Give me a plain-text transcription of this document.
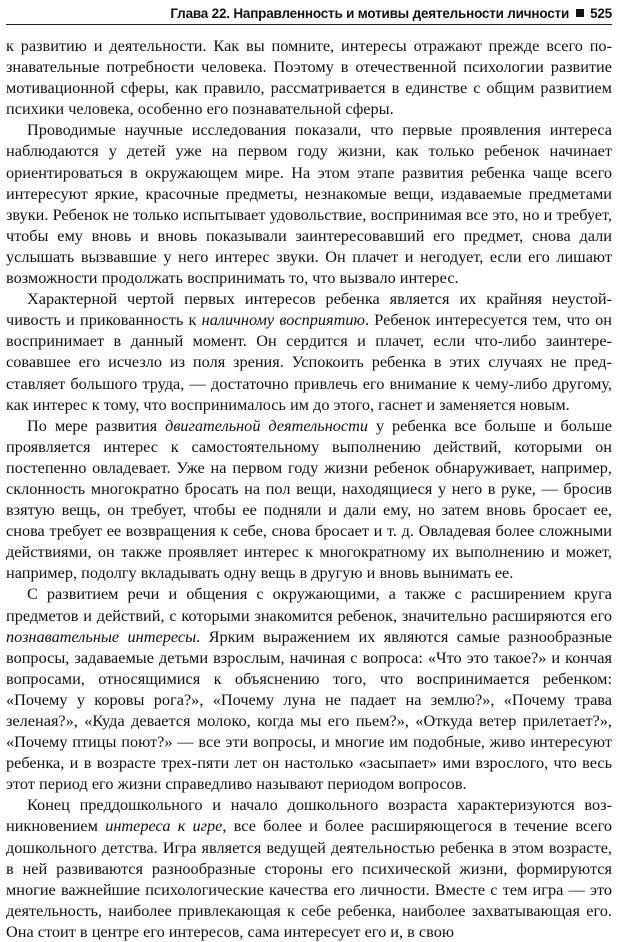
Глава 22. Направленность и мотивы деятельности личности 525

к развитию и деятельности. Как вы помните, интересы отражают прежде всего познавательные потребности человека. Поэтому в отечественной психологии развитие мотивационной сферы, как правило, рассматривается в единстве с общим развитием психики человека, особенно его познавательной сферы.

Проводимые научные исследования показали, что первые проявления интереса наблюдаются у детей уже на первом году жизни, как только ребенок начинает ориентироваться в окружающем мире. На этом этапе развития ребенка чаще всего интересуют яркие, красочные предметы, незнакомые вещи, издаваемые предметами звуки. Ребенок не только испытывает удовольствие, воспринимая все это, но и требует, чтобы ему вновь и вновь показывали заинтересовавший его предмет, снова дали услышать вызвавшие у него интерес звуки. Он плачет и негодует, если его лишают возможности продолжать воспринимать то, что вызвало интерес.

Характерной чертой первых интересов ребенка является их крайняя неустойчивость и прикованность к наличному восприятию. Ребенок интересуется тем, что он воспринимает в данный момент. Он сердится и плачет, если что-либо заинтересовавшее его исчезло из поля зрения. Успокоить ребенка в этих случаях не представляет большого труда, — достаточно привлечь его внимание к чему-либо другому, как интерес к тому, что воспринималось им до этого, гаснет и заменяется новым.

По мере развития двигательной деятельности у ребенка все больше и больше проявляется интерес к самостоятельному выполнению действий, которыми он постепенно овладевает. Уже на первом году жизни ребенок обнаруживает, например, склонность многократно бросать на пол вещи, находящиеся у него в руке, — бросив взятую вещь, он требует, чтобы ее подняли и дали ему, но затем вновь бросает ее, снова требует ее возвращения к себе, снова бросает и т. д. Овладевая более сложными действиями, он также проявляет интерес к многократному их выполнению и может, например, подолгу вкладывать одну вещь в другую и вновь вынимать ее.

С развитием речи и общения с окружающими, а также с расширением круга предметов и действий, с которыми знакомится ребенок, значительно расширяются его познавательные интересы. Ярким выражением их являются самые разнообразные вопросы, задаваемые детьми взрослым, начиная с вопроса: «Что это такое?» и кончая вопросами, относящимися к объяснению того, что воспринимается ребенком: «Почему у коровы рога?», «Почему луна не падает на землю?», «Почему трава зеленая?», «Куда девается молоко, когда мы его пьем?», «Откуда ветер прилетает?», «Почему птицы поют?» — все эти вопросы, и многие им подобные, живо интересуют ребенка, и в возрасте трех-пяти лет он настолько «засыпает» ими взрослого, что весь этот период его жизни справедливо называют периодом вопросов.

Конец преддошкольного и начало дошкольного возраста характеризуются возникновением интереса к игре, все более и более расширяющегося в течение всего дошкольного детства. Игра является ведущей деятельностью ребенка в этом возрасте, в ней развиваются разнообразные стороны его психической жизни, формируются многие важнейшие психологические качества его личности. Вместе с тем игра — это деятельность, наиболее привлекающая к себе ребенка, наиболее захватывающая его. Она стоит в центре его интересов, сама интересует его и, в свою
